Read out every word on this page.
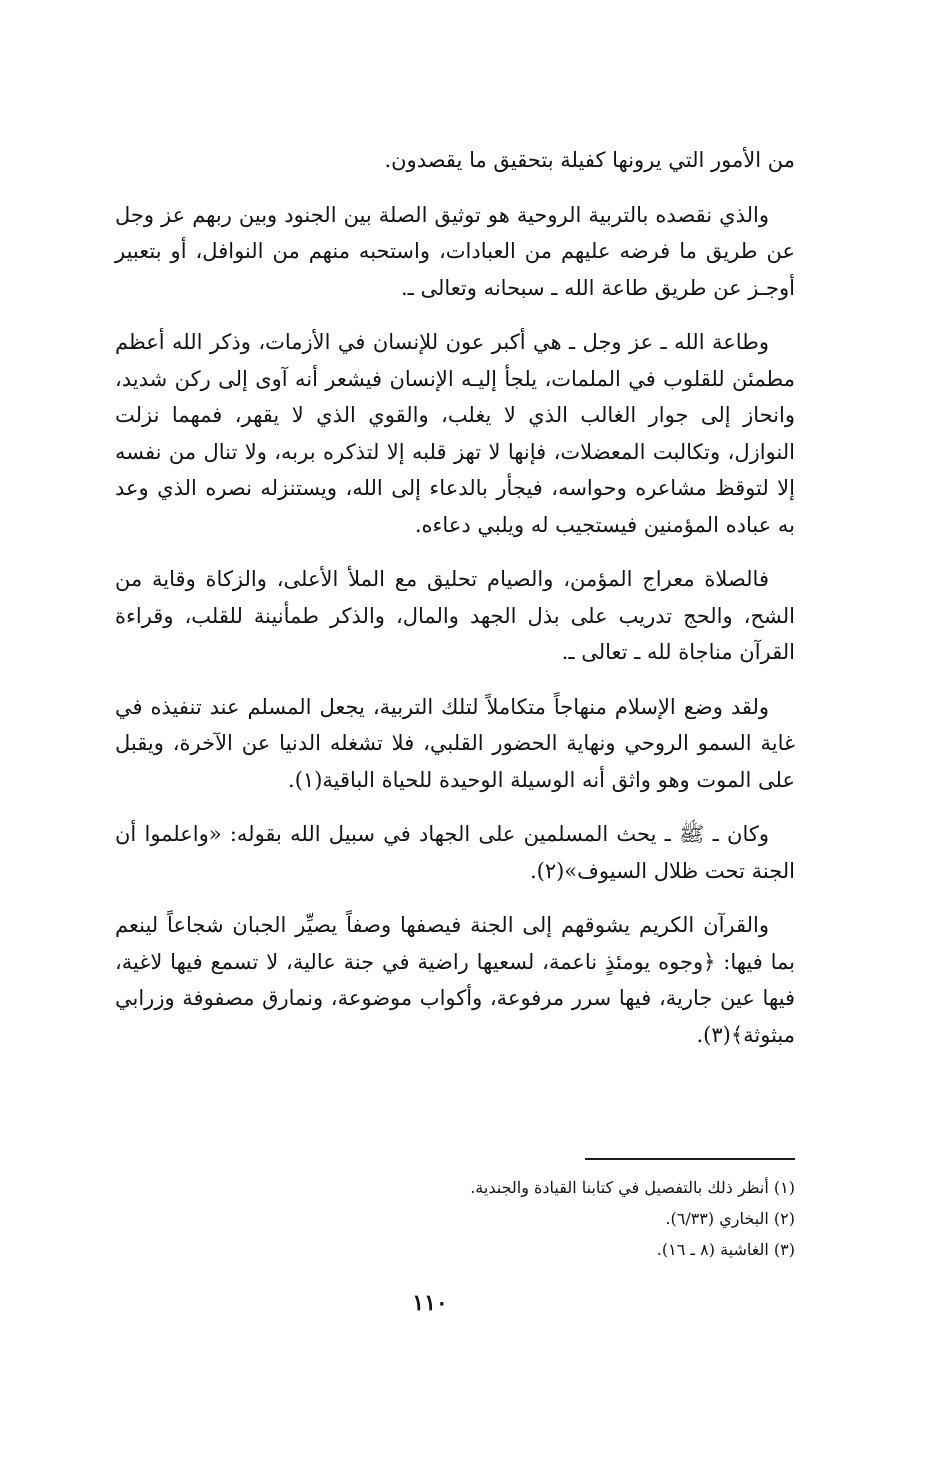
من الأمور التي يرونها كفيلة بتحقيق ما يقصدون.

والذي نقصده بالتربية الروحية هو توثيق الصلة بين الجنود وبين ربهم عز وجل عن طريق ما فرضه عليهم من العبادات، واستحبه منهم من النوافل، أو بتعبير أوجـز عن طريق طاعة الله ـ سبحانه وتعالى ـ.

وطاعة الله ـ عز وجل ـ هي أكبر عون للإنسان في الأزمات، وذكر الله أعظم مطمئن للقلوب في الملمات، يلجأ إليـه الإنسان فيشعر أنه آوى إلى ركن شديد، وانحاز إلى جوار الغالب الذي لا يغلب، والقوي الذي لا يقهر، فمهما نزلت النوازل، وتكالبت المعضلات، فإنها لا تهز قلبه إلا لتذكره بربه، ولا تنال من نفسه إلا لتوقظ مشاعره وحواسه، فيجأر بالدعاء إلى الله، ويستنزله نصره الذي وعد به عباده المؤمنين فيستجيب له ويلبي دعاءه.

فالصلاة معراج المؤمن، والصيام تحليق مع الملأ الأعلى، والزكاة وقاية من الشح، والحج تدريب على بذل الجهد والمال، والذكر طمأنينة للقلب، وقراءة القرآن مناجاة لله ـ تعالى ـ.

ولقد وضع الإسلام منهاجاً متكاملاً لتلك التربية، يجعل المسلم عند تنفيذه في غاية السمو الروحي ونهاية الحضور القلبي، فلا تشغله الدنيا عن الآخرة، ويقبل على الموت وهو واثق أنه الوسيلة الوحيدة للحياة الباقية(١).

وكان ـ ﷺ ـ يحث المسلمين على الجهاد في سبيل الله بقوله: «واعلموا أن الجنة تحت ظلال السيوف»(٢).

والقرآن الكريم يشوقهم إلى الجنة فيصفها وصفاً يصيِّر الجبان شجاعاً لينعم بما فيها: ﴿وجوه يومئذٍ ناعمة، لسعيها راضية في جنة عالية، لا تسمع فيها لاغية، فيها عين جارية، فيها سرر مرفوعة، وأكواب موضوعة، ونمارق مصفوفة وزرابي مبثوثة﴾(٣).

(١) أنظر ذلك بالتفصيل في كتابنا القيادة والجندية.

(٢) البخاري (٦/٣٣).

(٣) الغاشية (٨ ـ ١٦).

١١٠
